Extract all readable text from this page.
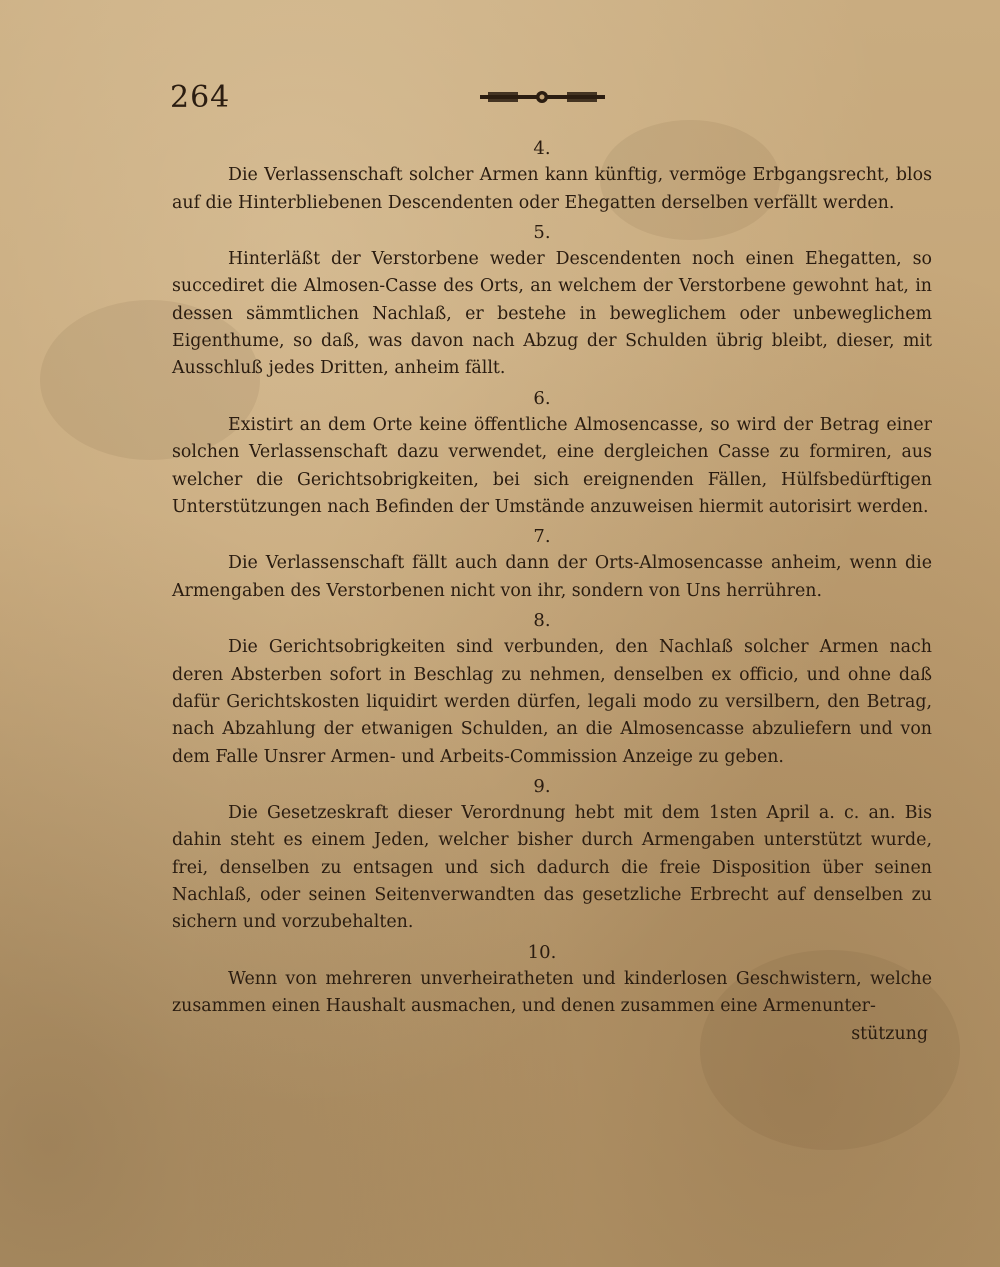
264
4.

Die Verlassenschaft solcher Armen kann künftig, vermöge Erbgangsrecht, blos auf die Hinterbliebenen Descendenten oder Ehegatten derselben verfällt werden.

5.

Hinterläßt der Verstorbene weder Descendenten noch einen Ehegatten, so succediret die Almosen-Casse des Orts, an welchem der Verstorbene gewohnt hat, in dessen sämmtlichen Nachlaß, er bestehe in beweglichem oder unbeweglichem Eigenthume, so daß, was davon nach Abzug der Schulden übrig bleibt, dieser, mit Ausschluß jedes Dritten, anheim fällt.

6.

Existirt an dem Orte keine öffentliche Almosencasse, so wird der Betrag einer solchen Verlassenschaft dazu verwendet, eine dergleichen Casse zu formiren, aus welcher die Gerichtsobrigkeiten, bei sich ereignenden Fällen, Hülfsbedürftigen Unterstützungen nach Befinden der Umstände anzuweisen hiermit autorisirt werden.

7.

Die Verlassenschaft fällt auch dann der Orts-Almosencasse anheim, wenn die Armengaben des Verstorbenen nicht von ihr, sondern von Uns herrühren.

8.

Die Gerichtsobrigkeiten sind verbunden, den Nachlaß solcher Armen nach deren Absterben sofort in Beschlag zu nehmen, denselben ex officio, und ohne daß dafür Gerichtskosten liquidirt werden dürfen, legali modo zu versilbern, den Betrag, nach Abzahlung der etwanigen Schulden, an die Almosencasse abzuliefern und von dem Falle Unsrer Armen- und Arbeits-Commission Anzeige zu geben.

9.

Die Gesetzeskraft dieser Verordnung hebt mit dem 1sten April a. c. an. Bis dahin steht es einem Jeden, welcher bisher durch Armengaben unterstützt wurde, frei, denselben zu entsagen und sich dadurch die freie Disposition über seinen Nachlaß, oder seinen Seitenverwandten das gesetzliche Erbrecht auf denselben zu sichern und vorzubehalten.

10.

Wenn von mehreren unverheiratheten und kinderlosen Geschwistern, welche zusammen einen Haushalt ausmachen, und denen zusammen eine Armenunter-

stützung
